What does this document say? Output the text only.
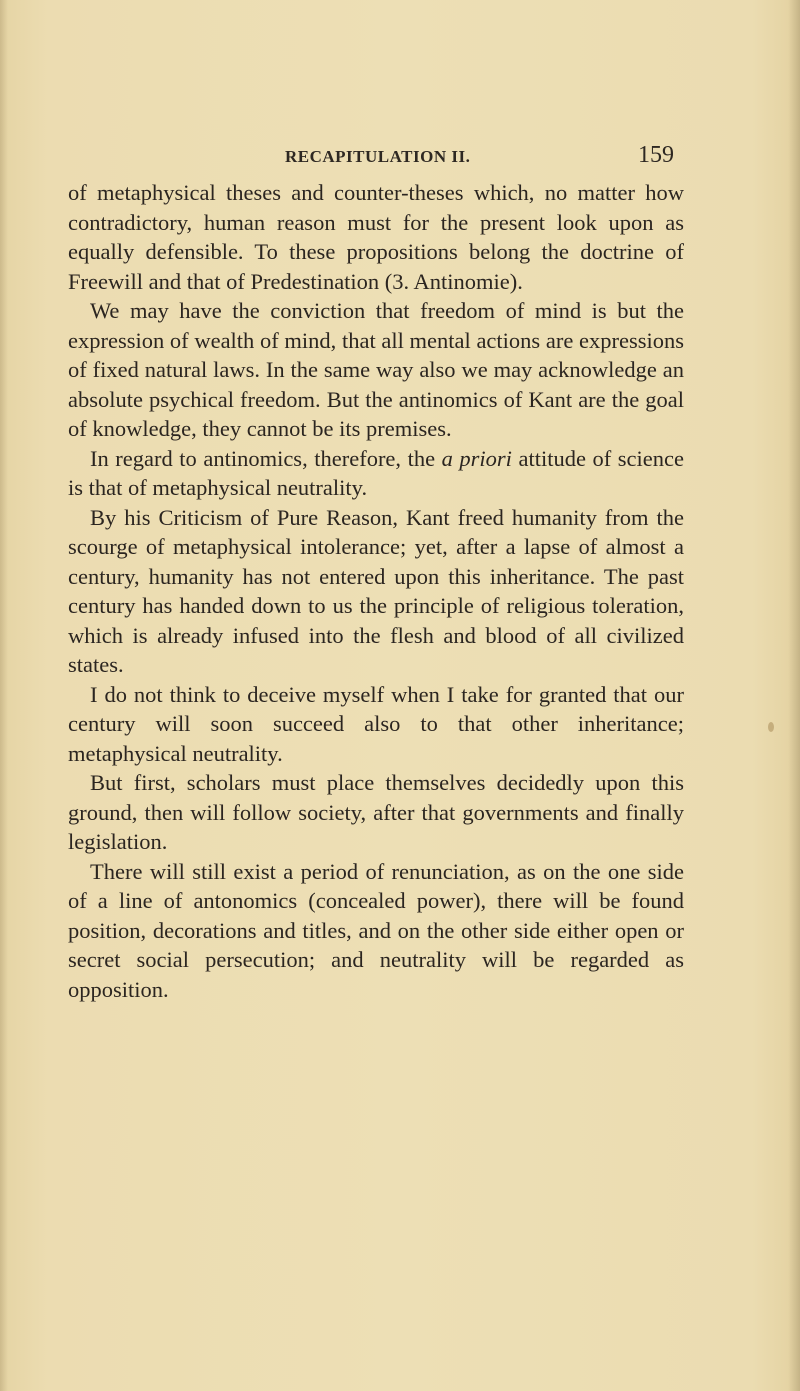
RECAPITULATION II.	159

of metaphysical theses and counter-theses which, no matter how contradictory, human reason must for the present look upon as equally defensible. To these propositions belong the doctrine of Freewill and that of Predestination (3. Antinomie).

We may have the conviction that freedom of mind is but the expression of wealth of mind, that all mental actions are expressions of fixed natural laws. In the same way also we may acknowledge an absolute psychical freedom. But the antinomics of Kant are the goal of knowledge, they cannot be its premises.

In regard to antinomics, therefore, the a priori attitude of science is that of metaphysical neutrality.

By his Criticism of Pure Reason, Kant freed humanity from the scourge of metaphysical intolerance; yet, after a lapse of almost a century, humanity has not entered upon this inheritance. The past century has handed down to us the principle of religious toleration, which is already infused into the flesh and blood of all civilized states.

I do not think to deceive myself when I take for granted that our century will soon succeed also to that other inheritance; metaphysical neutrality.

But first, scholars must place themselves decidedly upon this ground, then will follow society, after that governments and finally legislation.

There will still exist a period of renunciation, as on the one side of a line of antonomics (concealed power), there will be found position, decorations and titles, and on the other side either open or secret social persecution; and neutrality will be regarded as opposition.
